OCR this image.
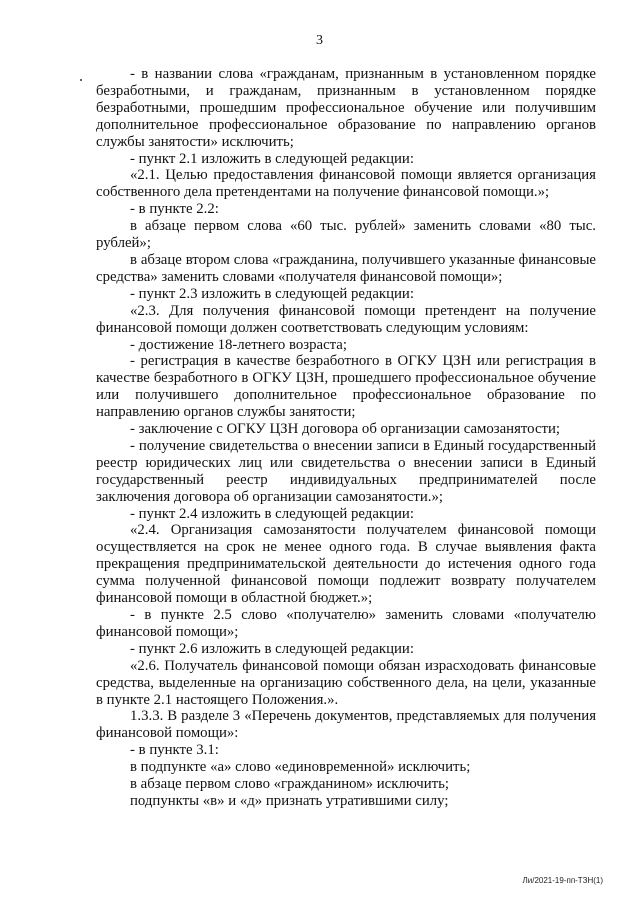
3

- в названии слова «гражданам, признанным в установленном порядке безработными, и гражданам, признанным в установленном порядке безработными, прошедшим профессиональное обучение или получившим дополнительное профессиональное образование по направлению органов службы занятости» исключить;

- пункт 2.1 изложить в следующей редакции:

«2.1. Целью предоставления финансовой помощи является организация собственного дела претендентами на получение финансовой помощи.»;

- в пункте 2.2:

в абзаце первом слова «60 тыс. рублей» заменить словами «80 тыс. рублей»;

в абзаце втором слова «гражданина, получившего указанные финансовые средства» заменить словами «получателя финансовой помощи»;

- пункт 2.3 изложить в следующей редакции:

«2.3. Для получения финансовой помощи претендент на получение финансовой помощи должен соответствовать следующим условиям:

- достижение 18-летнего возраста;

- регистрация в качестве безработного в ОГКУ ЦЗН или регистрация в качестве безработного в ОГКУ ЦЗН, прошедшего профессиональное обучение или получившего дополнительное профессиональное образование по направлению органов службы занятости;

- заключение с ОГКУ ЦЗН договора об организации самозанятости;

- получение свидетельства о внесении записи в Единый государственный реестр юридических лиц или свидетельства о внесении записи в Единый государственный реестр индивидуальных предпринимателей после заключения договора об организации самозанятости.»;

- пункт 2.4 изложить в следующей редакции:

«2.4. Организация самозанятости получателем финансовой помощи осуществляется на срок не менее одного года. В случае выявления факта прекращения предпринимательской деятельности до истечения одного года сумма полученной финансовой помощи подлежит возврату получателем финансовой помощи в областной бюджет.»;

- в пункте 2.5 слово «получателю» заменить словами «получателю финансовой помощи»;

- пункт 2.6 изложить в следующей редакции:

«2.6. Получатель финансовой помощи обязан израсходовать финансовые средства, выделенные на организацию собственного дела, на цели, указанные в пункте 2.1 настоящего Положения.».

1.3.3. В разделе 3 «Перечень документов, представляемых для получения финансовой помощи»:

- в пункте 3.1:

в подпункте «а» слово «единовременной» исключить;

в абзаце первом слово «гражданином» исключить;

подпункты «в» и «д» признать утратившими силу;

Ли/2021-19-пп-ТЗН(1)
